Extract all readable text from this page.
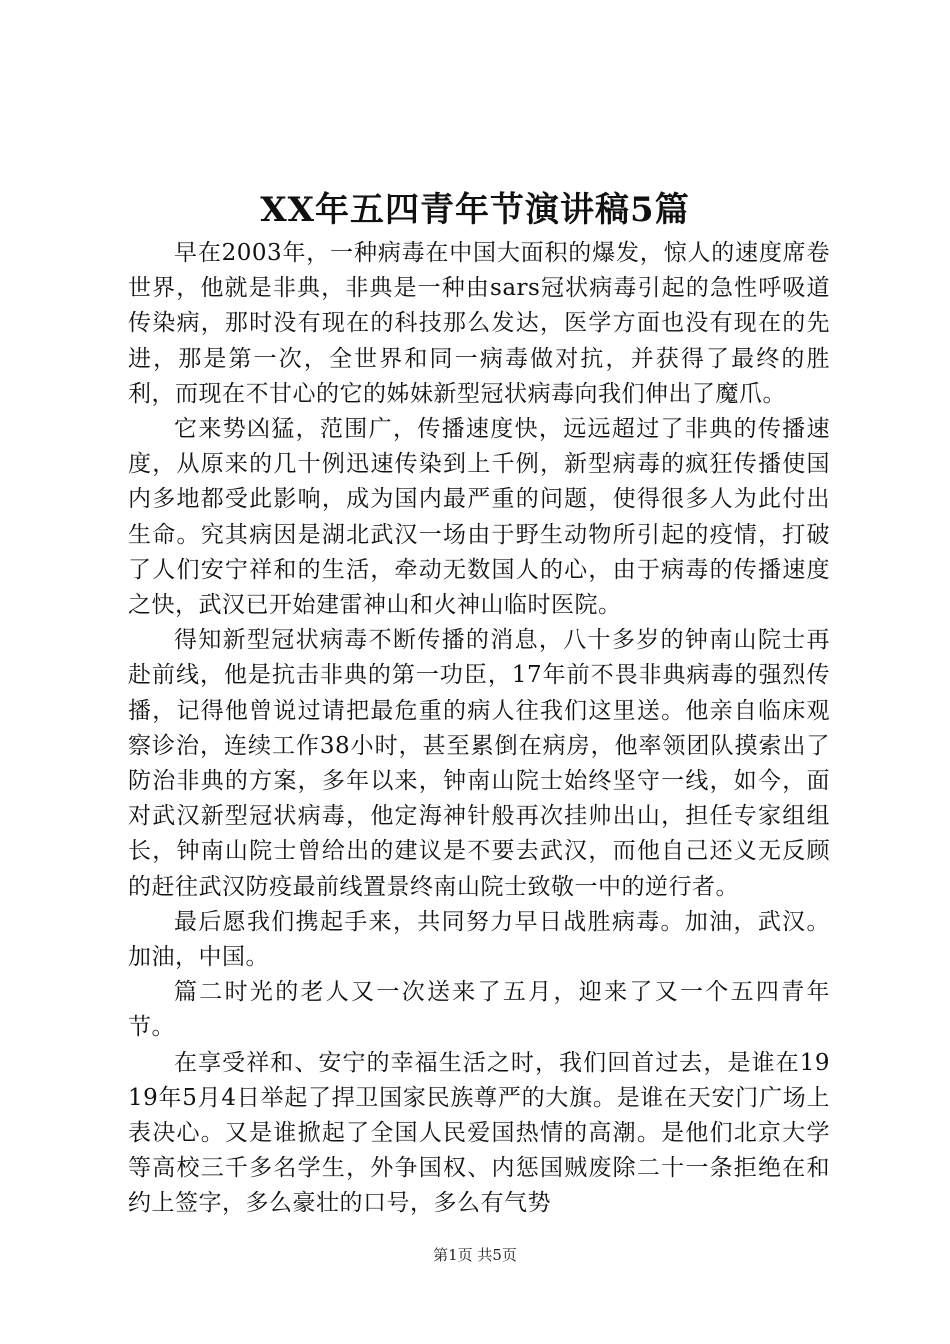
XX年五四青年节演讲稿5篇

早在2003年，一种病毒在中国大面积的爆发，惊人的速度席卷世界，他就是非典，非典是一种由sars冠状病毒引起的急性呼吸道传染病，那时没有现在的科技那么发达，医学方面也没有现在的先进，那是第一次，全世界和同一病毒做对抗，并获得了最终的胜利，而现在不甘心的它的姊妹新型冠状病毒向我们伸出了魔爪。

它来势凶猛，范围广，传播速度快，远远超过了非典的传播速度，从原来的几十例迅速传染到上千例，新型病毒的疯狂传播使国内多地都受此影响，成为国内最严重的问题，使得很多人为此付出生命。究其病因是湖北武汉一场由于野生动物所引起的疫情，打破了人们安宁祥和的生活，牵动无数国人的心，由于病毒的传播速度之快，武汉已开始建雷神山和火神山临时医院。

得知新型冠状病毒不断传播的消息，八十多岁的钟南山院士再赴前线，他是抗击非典的第一功臣，17年前不畏非典病毒的强烈传播，记得他曾说过请把最危重的病人往我们这里送。他亲自临床观察诊治，连续工作38小时，甚至累倒在病房，他率领团队摸索出了防治非典的方案，多年以来，钟南山院士始终坚守一线，如今，面对武汉新型冠状病毒，他定海神针般再次挂帅出山，担任专家组组长，钟南山院士曾给出的建议是不要去武汉，而他自己还义无反顾的赶往武汉防疫最前线置景终南山院士致敬一中的逆行者。

最后愿我们携起手来，共同努力早日战胜病毒。加油，武汉。加油，中国。

篇二时光的老人又一次送来了五月，迎来了又一个五四青年节。

在享受祥和、安宁的幸福生活之时，我们回首过去，是谁在1919年5月4日举起了捍卫国家民族尊严的大旗。是谁在天安门广场上表决心。又是谁掀起了全国人民爱国热情的高潮。是他们北京大学等高校三千多名学生，外争国权、内惩国贼废除二十一条拒绝在和约上签字，多么豪壮的口号，多么有气势

第1页 共5页
